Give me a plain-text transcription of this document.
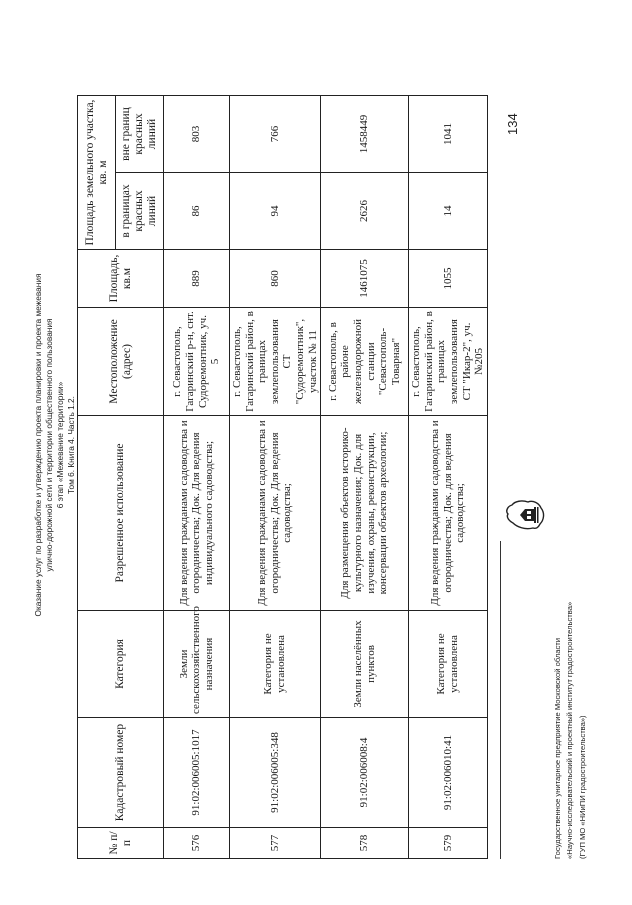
Оказание услуг по разработке и утверждению проекта планировки и проекта межевания улично-дорожной сети и территории общественного пользования 6 этап «Межевание территории» Том 6. Книга 4. Часть 1.2.
№ п/п	Кадастровый номер	Категория	Разрешенное использование	Местоположение (адрес)	Площадь, кв.м	Площадь земельного участка, кв. м	
						в границах красных линий	вне границ красных линий
576	91:02:006005:1017	Земли сельскохозяйственного назначения	Для ведения гражданами садоводства и огородничества; Док. Для ведения индивидуального садоводства;	г. Севастополь, Гагаринский р-н, снт. Судоремонтник, уч. 5	889	86	803
577	91:02:006005:348	Категория не установлена	Для ведения гражданами садоводства и огородничества; Док. Для ведения садоводства;	г. Севастополь, Гагаринский район, в границах землепользования СТ "Судоремонтник", участок № 11	860	94	766
578	91:02:006008:4	Земли населённых пунктов	Для размещения объектов историко-культурного назначения; Док. для изучения, охраны, реконструкции, консервации объектов археологии;	г. Севастополь, в районе железнодорожной станции "Севастополь-Товарная"	1461075	2626	1458449
579	91:02:006010:41	Категория не установлена	Для ведения гражданами садоводства и огородничества; Док. для ведения садоводства;	г. Севастополь, Гагаринский район, в границах землепользования СТ "Икар-2", уч. №205	1055	14	1041	134
Государственное унитарное предприятие Московской области «Научно-исследовательский и проектный институт градостроительства» (ГУП МО «НИиПИ градостроительства»)
